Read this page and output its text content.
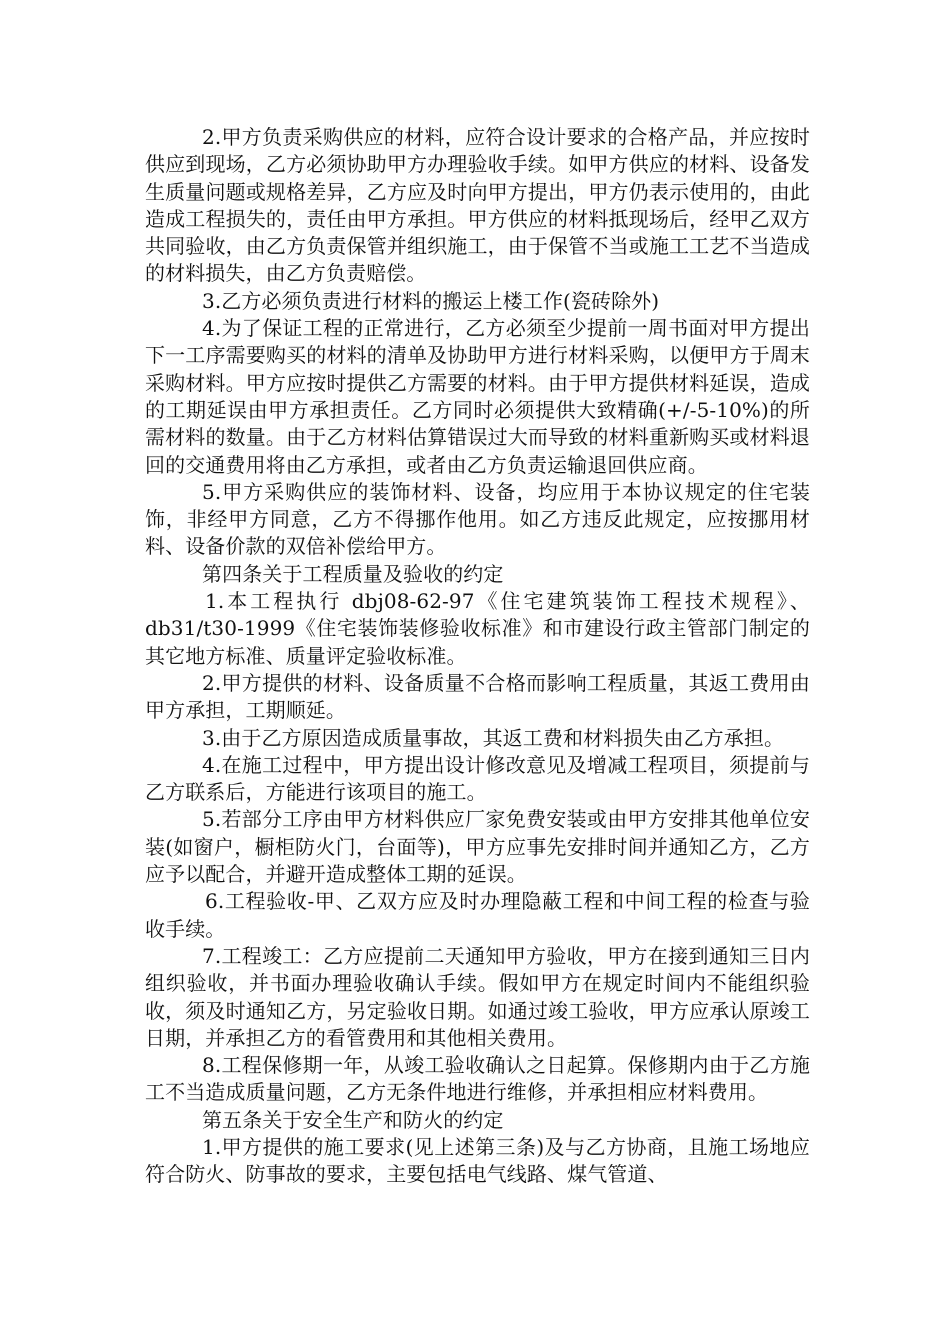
2.甲方负责采购供应的材料，应符合设计要求的合格产品，并应按时供应到现场，乙方必须协助甲方办理验收手续。如甲方供应的材料、设备发生质量问题或规格差异，乙方应及时向甲方提出，甲方仍表示使用的，由此造成工程损失的，责任由甲方承担。甲方供应的材料抵现场后，经甲乙双方共同验收，由乙方负责保管并组织施工，由于保管不当或施工工艺不当造成的材料损失，由乙方负责赔偿。

3.乙方必须负责进行材料的搬运上楼工作(瓷砖除外)

4.为了保证工程的正常进行，乙方必须至少提前一周书面对甲方提出下一工序需要购买的材料的清单及协助甲方进行材料采购，以便甲方于周末采购材料。甲方应按时提供乙方需要的材料。由于甲方提供材料延误，造成的工期延误由甲方承担责任。乙方同时必须提供大致精确(+/-5-10%)的所需材料的数量。由于乙方材料估算错误过大而导致的材料重新购买或材料退回的交通费用将由乙方承担，或者由乙方负责运输退回供应商。

5.甲方采购供应的装饰材料、设备，均应用于本协议规定的住宅装饰，非经甲方同意，乙方不得挪作他用。如乙方违反此规定，应按挪用材料、设备价款的双倍补偿给甲方。

第四条关于工程质量及验收的约定

1.本工程执行 dbj08-62-97《住宅建筑装饰工程技术规程》、db31/t30-1999《住宅装饰装修验收标准》和市建设行政主管部门制定的其它地方标准、质量评定验收标准。

2.甲方提供的材料、设备质量不合格而影响工程质量，其返工费用由甲方承担，工期顺延。

3.由于乙方原因造成质量事故，其返工费和材料损失由乙方承担。

4.在施工过程中，甲方提出设计修改意见及增减工程项目，须提前与乙方联系后，方能进行该项目的施工。

5.若部分工序由甲方材料供应厂家免费安装或由甲方安排其他单位安装(如窗户，橱柜防火门，台面等)，甲方应事先安排时间并通知乙方，乙方应予以配合，并避开造成整体工期的延误。

6.工程验收-甲、乙双方应及时办理隐蔽工程和中间工程的检查与验收手续。

7.工程竣工：乙方应提前二天通知甲方验收，甲方在接到通知三日内组织验收，并书面办理验收确认手续。假如甲方在规定时间内不能组织验收，须及时通知乙方，另定验收日期。如通过竣工验收，甲方应承认原竣工日期，并承担乙方的看管费用和其他相关费用。

8.工程保修期一年，从竣工验收确认之日起算。保修期内由于乙方施工不当造成质量问题，乙方无条件地进行维修，并承担相应材料费用。

第五条关于安全生产和防火的约定

1.甲方提供的施工要求(见上述第三条)及与乙方协商，且施工场地应符合防火、防事故的要求，主要包括电气线路、煤气管道、
